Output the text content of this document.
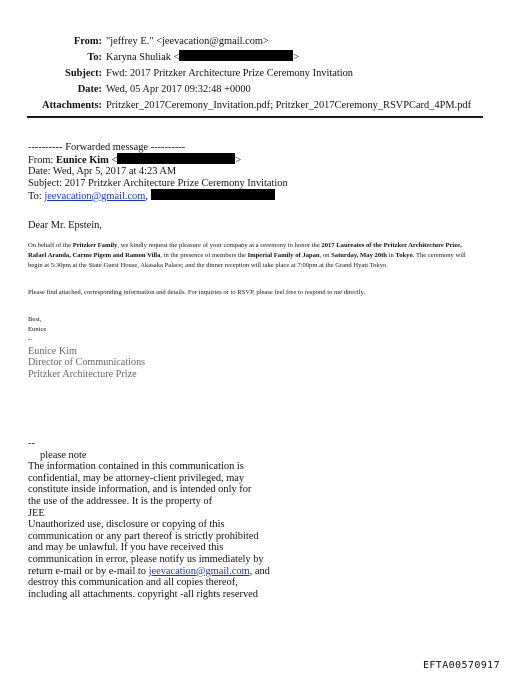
From: "jeffrey E." <jeevacation@gmail.com>
To: Karyna Shuliak <	>
Subject: Fwd: 2017 Pritzker Architecture Prize Ceremony Invitation
Date: Wed, 05 Apr 2017 09:32:48 +0000
Attachments: Pritzker_2017Ceremony_Invitation.pdf; Pritzker_2017Ceremony_RSVPCard_4PM.pdf
---------- Forwarded message ----------
From: Eunice Kim <	>
Date: Wed, Apr 5, 2017 at 4:23 AM
Subject: 2017 Pritzker Architecture Prize Ceremony Invitation
To: jeevacation@gmail.com,
Dear Mr. Epstein,
On behalf of the Pritzker Family, we kindly request the pleasure of your company at a ceremony to honor the 2017 Laureates of the Pritzker Architecture Prize, Rafael Aranda, Carme Pigem and Ramon Villa, in the presence of members the Imperial Family of Japan, on Saturday, May 20th in Tokyo. The ceremony will begin at 5:30pm at the State Guest House, Akasaka Palace; and the dinner reception will take place at 7:00pm at the Grand Hyatt Tokyo.
Please find attached, corresponding information and details. For inquiries or to RSVP, please feel free to respond to me directly.
Best,
Eunice
--
Eunice Kim
Director of Communications
Pritzker Architecture Prize
--
please note
The information contained in this communication is
confidential, may be attorney-client privileged, may
constitute inside information, and is intended only for
the use of the addressee. It is the property of
JEE
Unauthorized use, disclosure or copying of this
communication or any part thereof is strictly prohibited
and may be unlawful. If you have received this
communication in error, please notify us immediately by
return e-mail or by e-mail to jeevacation@gmail.com, and
destroy this communication and all copies thereof,
including all attachments. copyright -all rights reserved
EFTA00570917
